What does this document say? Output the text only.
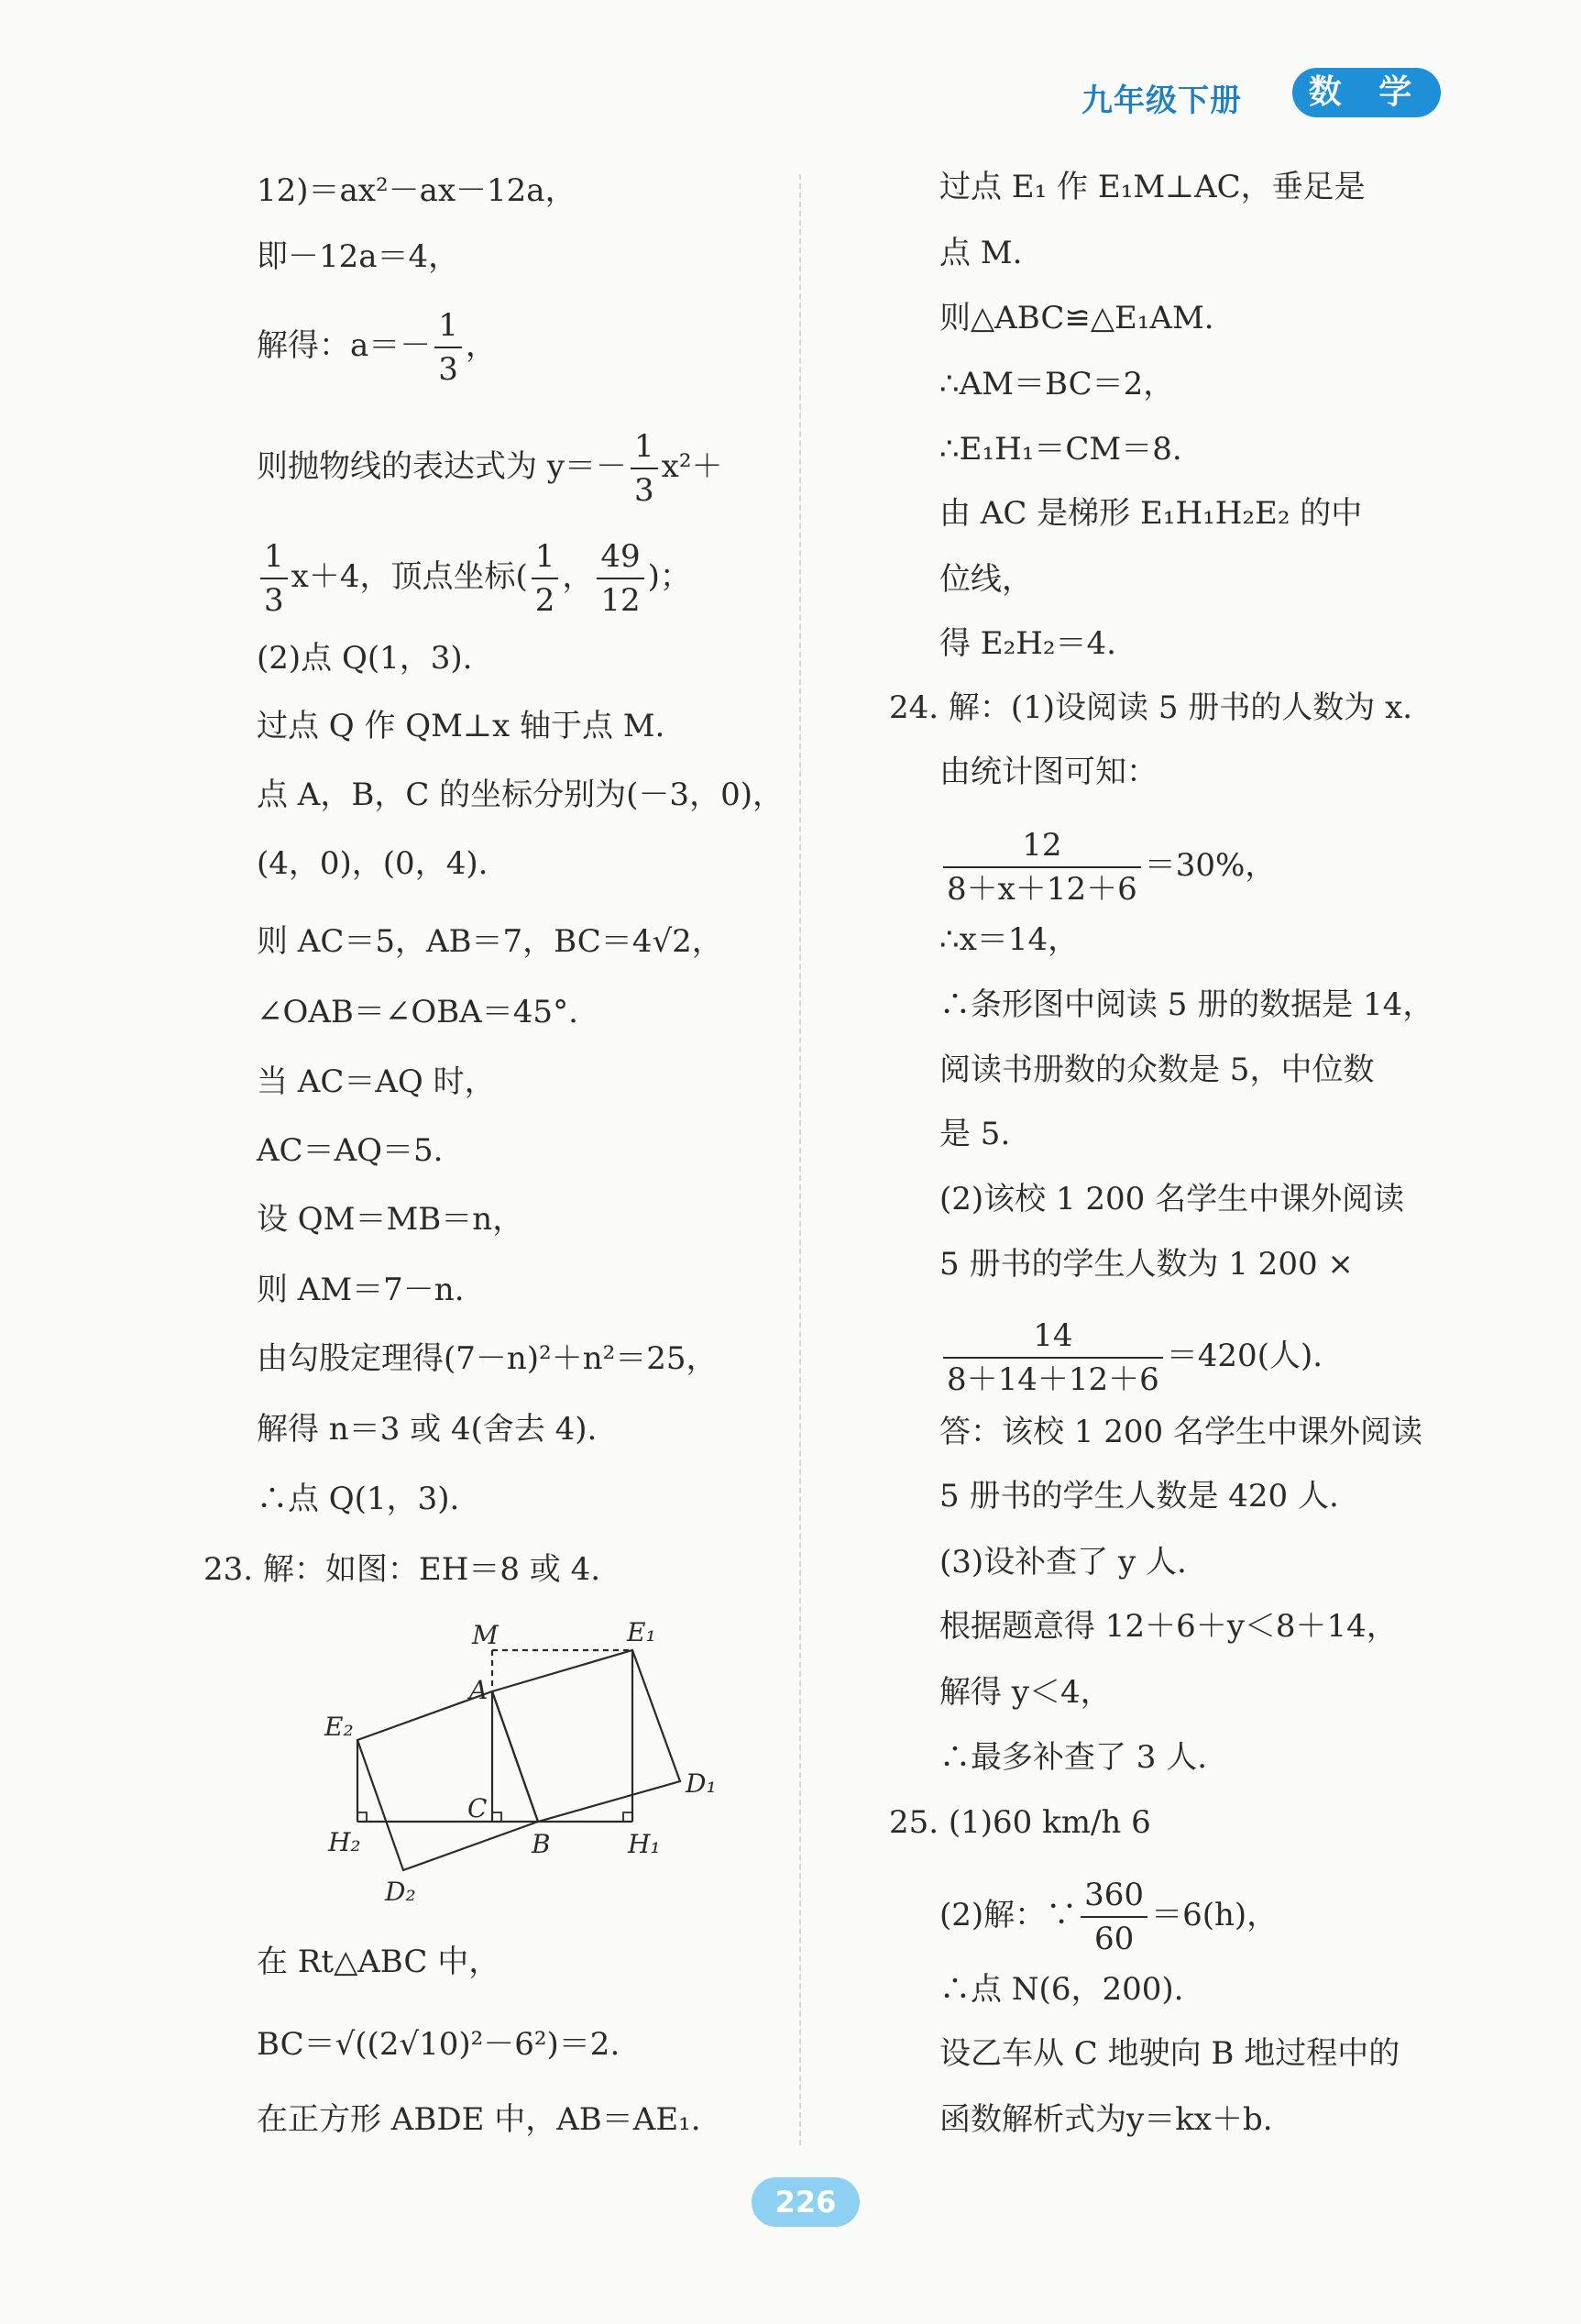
九年级下册	数 学
12)＝ax²－ax－12a，
即－12a＝4，
解得：$a=- \frac{1}{3}$ ，
则抛物线的表达式为 $y=- \frac{1}{3} x^2+$
$\frac{1}{3} x+4$，顶点坐标( $\frac{1}{2}$ ， $\frac{49}{12}$ )；
(2)点 Q(1，3).
过点 Q 作 QM⊥x 轴于点 M.
点 A，B，C 的坐标分别为(－3，0)，
(4，0)，(0，4).
则 AC＝5，AB＝7，BC＝4√2，
∠OAB＝∠OBA＝45°.
当 AC＝AQ 时，
AC＝AQ＝5.
设 QM＝MB＝n，
则 AM＝7－n.
由勾股定理得(7－n)²＋n²＝25，
解得 n＝3 或 4(舍去 4).
∴点 Q(1，3).
23. 解：如图：EH＝8 或 4.
M	E₁
A
E₂
D₁
C
H₂	B	H₁
D₂
在 Rt△ABC 中，
BC＝√((2√10)²－6²)＝2.
在正方形 ABDE 中，AB＝AE₁.
过点 E₁ 作 E₁M⊥AC，垂足是
点 M.
则△ABC≌△E₁AM.
∴AM＝BC＝2，
∴E₁H₁＝CM＝8.
由 AC 是梯形 E₁H₁H₂E₂ 的中
位线，
得 E₂H₂＝4.
24. 解：(1)设阅读 5 册书的人数为 x.
由统计图可知：
$\frac{12}{8+x+12+6} =30\%$，
∴x＝14，
∴条形图中阅读 5 册的数据是 14，
阅读书册数的众数是 5，中位数
是 5.
(2)该校 1 200 名学生中课外阅读
5 册书的学生人数为 1 200 ×
$\frac{14}{8+14+12+6} =420$(人).
答：该校 1 200 名学生中课外阅读
5 册书的学生人数是 420 人.
(3)设补查了 y 人.
根据题意得 12＋6＋y＜8＋14，
解得 y＜4，
∴最多补查了 3 人.
25. (1)60 km/h 6
(2)解：∵ $\frac{360}{60} =6(h)$，
∴点 N(6，200).
设乙车从 C 地驶向 B 地过程中的
函数解析式为y＝kx＋b.
226
